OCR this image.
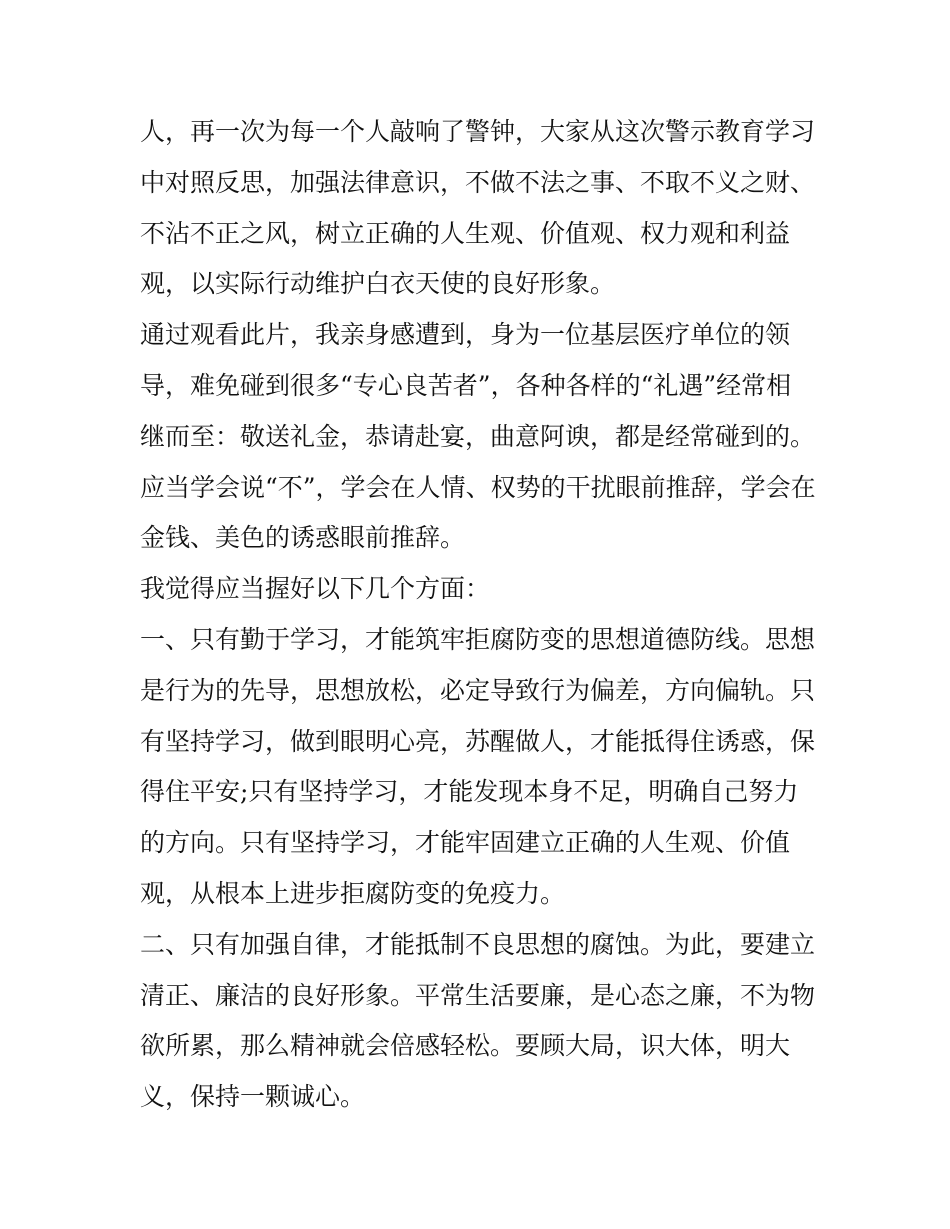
人，再一次为每一个人敲响了警钟，大家从这次警示教育学习中对照反思，加强法律意识，不做不法之事、不取不义之财、不沾不正之风，树立正确的人生观、价值观、权力观和利益观，以实际行动维护白衣天使的良好形象。

通过观看此片，我亲身感遭到，身为一位基层医疗单位的领导，难免碰到很多“专心良苦者”，各种各样的“礼遇”经常相继而至：敬送礼金，恭请赴宴，曲意阿谀，都是经常碰到的。应当学会说“不”，学会在人情、权势的干扰眼前推辞，学会在金钱、美色的诱惑眼前推辞。

我觉得应当握好以下几个方面：

一、只有勤于学习，才能筑牢拒腐防变的思想道德防线。思想是行为的先导，思想放松，必定导致行为偏差，方向偏轨。只有坚持学习，做到眼明心亮，苏醒做人，才能抵得住诱惑，保得住平安;只有坚持学习，才能发现本身不足，明确自己努力的方向。只有坚持学习，才能牢固建立正确的人生观、价值观，从根本上进步拒腐防变的免疫力。

二、只有加强自律，才能抵制不良思想的腐蚀。为此，要建立清正、廉洁的良好形象。平常生活要廉，是心态之廉，不为物欲所累，那么精神就会倍感轻松。要顾大局，识大体，明大义，保持一颗诚心。
